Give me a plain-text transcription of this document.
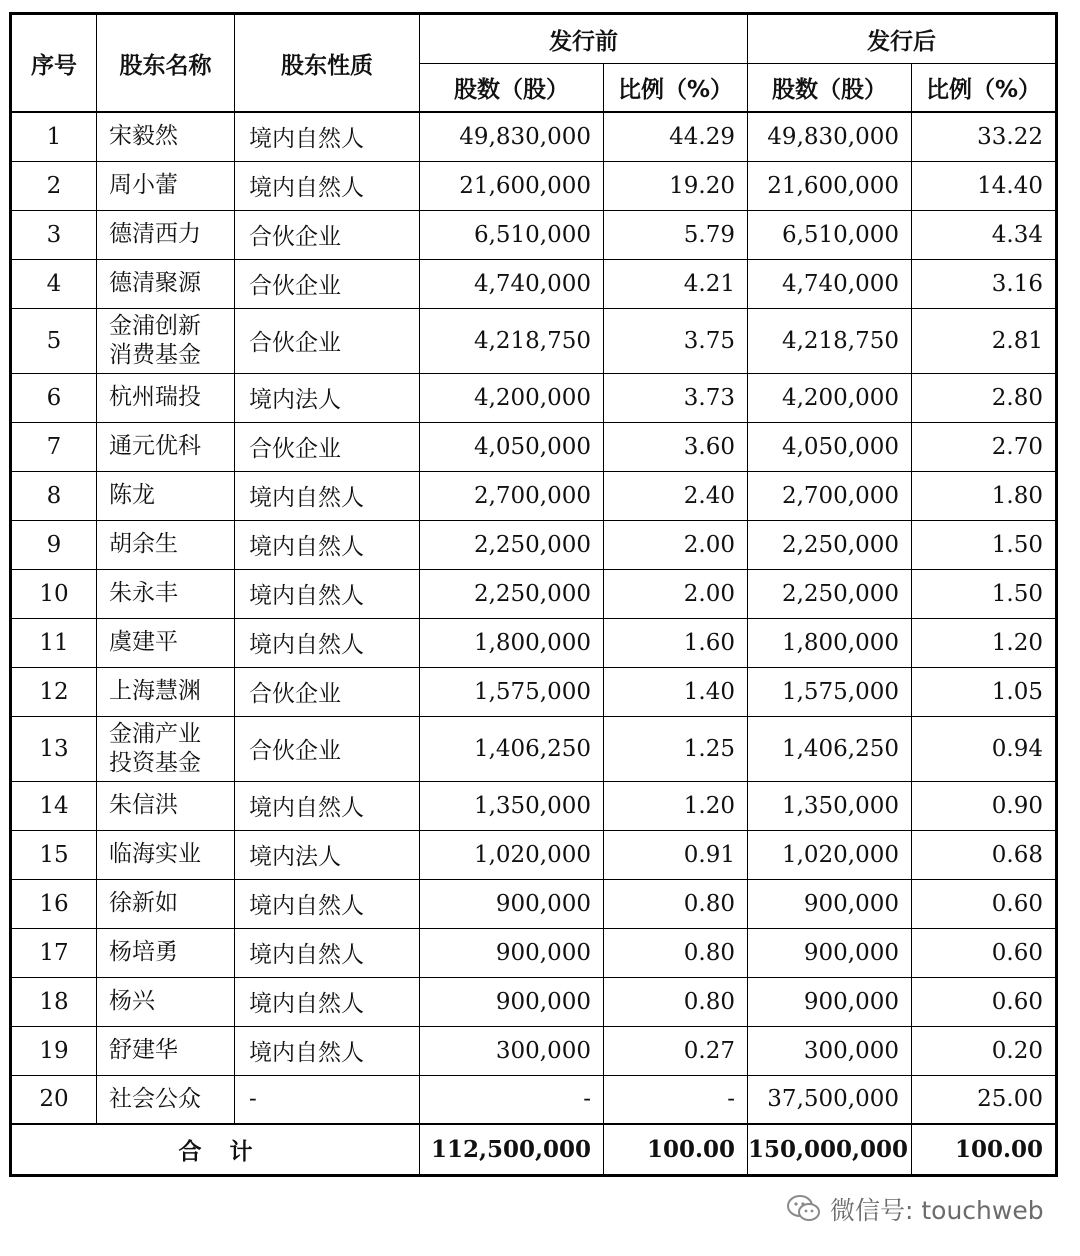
序号	股东名称	股东性质	发行前		发行后	
			股数（股）	比例（%）	股数（股）	比例（%）
1	宋毅然	境内自然人	49,830,000	44.29	49,830,000	33.22
2	周小蕾	境内自然人	21,600,000	19.20	21,600,000	14.40
3	德清西力	合伙企业	6,510,000	5.79	6,510,000	4.34
4	德清聚源	合伙企业	4,740,000	4.21	4,740,000	3.16
5	金浦创新
消费基金	合伙企业	4,218,750	3.75	4,218,750	2.81
6	杭州瑞投	境内法人	4,200,000	3.73	4,200,000	2.80
7	通元优科	合伙企业	4,050,000	3.60	4,050,000	2.70
8	陈龙	境内自然人	2,700,000	2.40	2,700,000	1.80
9	胡余生	境内自然人	2,250,000	2.00	2,250,000	1.50
10	朱永丰	境内自然人	2,250,000	2.00	2,250,000	1.50
11	虞建平	境内自然人	1,800,000	1.60	1,800,000	1.20
12	上海慧渊	合伙企业	1,575,000	1.40	1,575,000	1.05
13	金浦产业
投资基金	合伙企业	1,406,250	1.25	1,406,250	0.94
14	朱信洪	境内自然人	1,350,000	1.20	1,350,000	0.90
15	临海实业	境内法人	1,020,000	0.91	1,020,000	0.68
16	徐新如	境内自然人	900,000	0.80	900,000	0.60
17	杨培勇	境内自然人	900,000	0.80	900,000	0.60
18	杨兴	境内自然人	900,000	0.80	900,000	0.60
19	舒建华	境内自然人	300,000	0.27	300,000	0.20
20	社会公众	-	-	-	37,500,000	25.00
合计			112,500,000	100.00	150,000,000	100.00
微信号: touchweb
